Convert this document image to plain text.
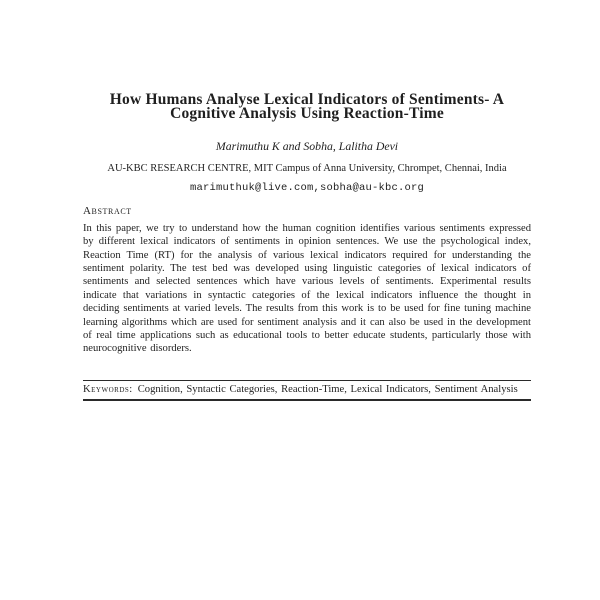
How Humans Analyse Lexical Indicators of Sentiments- A
Cognitive Analysis Using Reaction-Time

Marimuthu K and Sobha, Lalitha Devi

AU-KBC RESEARCH CENTRE, MIT Campus of Anna University, Chrompet, Chennai, India

marimuthuk@live.com,sobha@au-kbc.org

Abstract

In this paper, we try to understand how the human cognition identifies various sentiments expressed by different lexical indicators of sentiments in opinion sentences. We use the psychological index, Reaction Time (RT) for the analysis of various lexical indicators required for understanding the sentiment polarity. The test bed was developed using linguistic categories of lexical indicators of sentiments and selected sentences which have various levels of sentiments. Experimental results indicate that variations in syntactic categories of the lexical indicators influence the thought in deciding sentiments at varied levels. The results from this work is to be used for fine tuning machine learning algorithms which are used for sentiment analysis and it can also be used in the development of real time applications such as educational tools to better educate students, particularly those with neurocognitive disorders.

Keywords: Cognition, Syntactic Categories, Reaction-Time, Lexical Indicators, Sentiment Analysis
